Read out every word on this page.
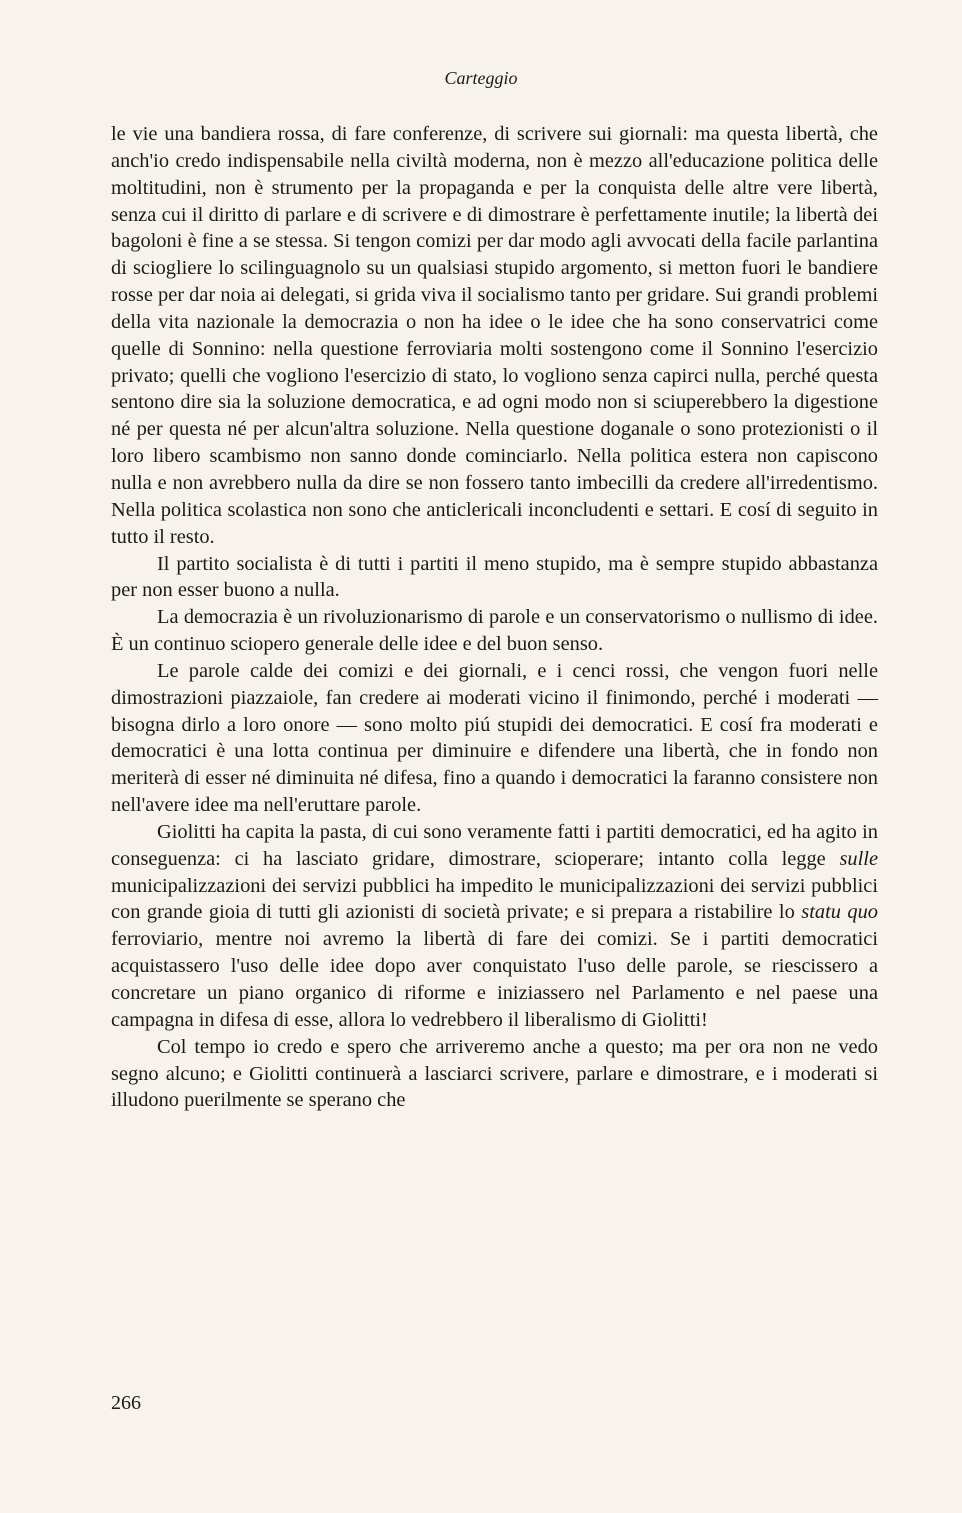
Carteggio

le vie una bandiera rossa, di fare conferenze, di scrivere sui giornali: ma questa libertà, che anch'io credo indispensabile nella civiltà moderna, non è mezzo all'educazione politica delle moltitudini, non è strumento per la propaganda e per la conquista delle altre vere libertà, senza cui il diritto di parlare e di scrivere e di dimostrare è perfettamente inutile; la libertà dei bagoloni è fine a se stessa. Si tengon comizi per dar modo agli avvocati della facile parlantina di sciogliere lo scilinguagnolo su un qualsiasi stupido argomento, si metton fuori le bandiere rosse per dar noia ai delegati, si grida viva il socialismo tanto per gridare. Sui grandi problemi della vita nazionale la democrazia o non ha idee o le idee che ha sono conservatrici come quelle di Sonnino: nella questione ferroviaria molti sostengono come il Sonnino l'esercizio privato; quelli che vogliono l'esercizio di stato, lo vogliono senza capirci nulla, perché questa sentono dire sia la soluzione democratica, e ad ogni modo non si sciuperebbero la digestione né per questa né per alcun'altra soluzione. Nella questione doganale o sono protezionisti o il loro libero scambismo non sanno donde cominciarlo. Nella politica estera non capiscono nulla e non avrebbero nulla da dire se non fossero tanto imbecilli da credere all'irredentismo. Nella politica scolastica non sono che anticlericali inconcludenti e settari. E cosí di seguito in tutto il resto.

Il partito socialista è di tutti i partiti il meno stupido, ma è sempre stupido abbastanza per non esser buono a nulla.

La democrazia è un rivoluzionarismo di parole e un conservatorismo o nullismo di idee. È un continuo sciopero generale delle idee e del buon senso.

Le parole calde dei comizi e dei giornali, e i cenci rossi, che vengon fuori nelle dimostrazioni piazzaiole, fan credere ai moderati vicino il finimondo, perché i moderati — bisogna dirlo a loro onore — sono molto piú stupidi dei democratici. E cosí fra moderati e democratici è una lotta continua per diminuire e difendere una libertà, che in fondo non meriterà di esser né diminuita né difesa, fino a quando i democratici la faranno consistere non nell'avere idee ma nell'eruttare parole.

Giolitti ha capita la pasta, di cui sono veramente fatti i partiti democratici, ed ha agito in conseguenza: ci ha lasciato gridare, dimostrare, scioperare; intanto colla legge sulle municipalizzazioni dei servizi pubblici ha impedito le municipalizzazioni dei servizi pubblici con grande gioia di tutti gli azionisti di società private; e si prepara a ristabilire lo statu quo ferroviario, mentre noi avremo la libertà di fare dei comizi. Se i partiti democratici acquistassero l'uso delle idee dopo aver conquistato l'uso delle parole, se riescissero a concretare un piano organico di riforme e iniziassero nel Parlamento e nel paese una campagna in difesa di esse, allora lo vedrebbero il liberalismo di Giolitti!

Col tempo io credo e spero che arriveremo anche a questo; ma per ora non ne vedo segno alcuno; e Giolitti continuerà a lasciarci scrivere, parlare e dimostrare, e i moderati si illudono puerilmente se sperano che

266
